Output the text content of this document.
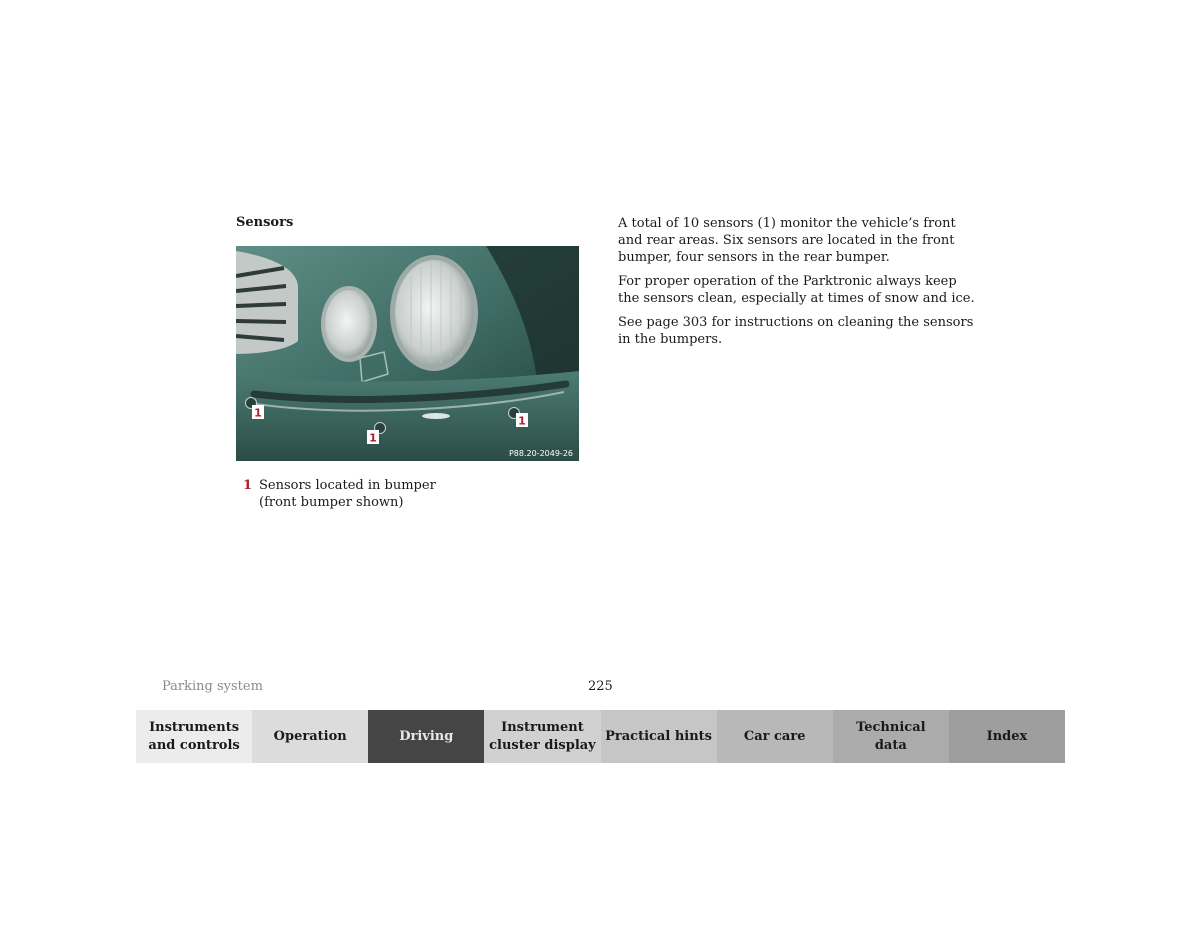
Sensors
1
1
1
P88.20-2049-26
1 Sensors located in bumper
(front bumper shown)

A total of 10 sensors (1) monitor the vehicle’s front and rear areas. Six sensors are located in the front bumper, four sensors in the rear bumper.

For proper operation of the Parktronic always keep the sensors clean, especially at times of snow and ice.

See page 303 for instructions on cleaning the sensors in the bumpers.

Parking system	225
Instruments
and controls
Operation	Driving
Instrument
cluster display
Practical hints	Car care
Technical
data
Index
